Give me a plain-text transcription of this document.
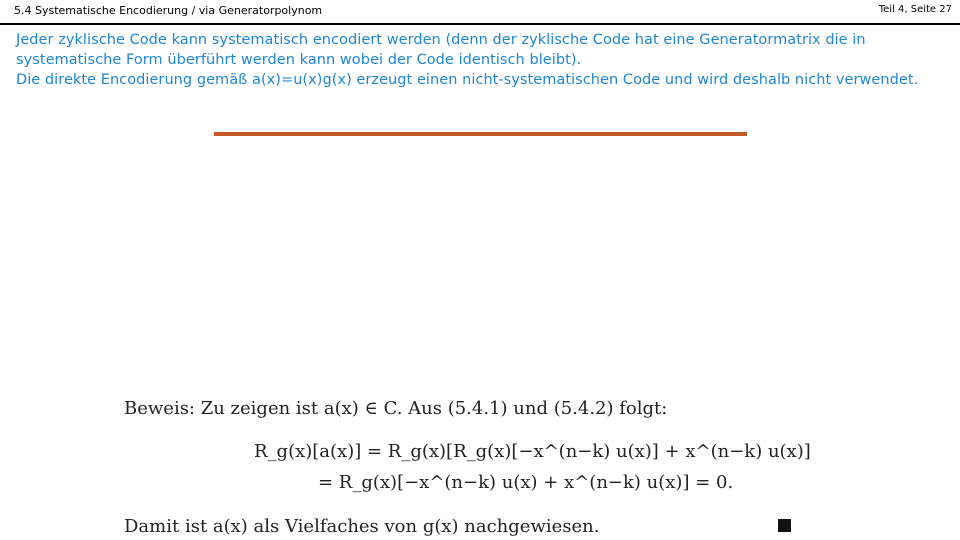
5.4 Systematische Encodierung / via Generatorpolynom	Teil 4, Seite 27

Jeder zyklische Code kann systematisch encodiert werden (denn der zyklische Code hat eine Generatormatrix die in

systematische Form überführt werden kann wobei der Code identisch bleibt).

Die direkte Encodierung gemäß a(x)=u(x)g(x) erzeugt einen nicht-systematischen Code und wird deshalb nicht verwendet.

Beweis: Zu zeigen ist a(x) ∈ C. Aus (5.4.1) und (5.4.2) folgt:
R_g(x)[a(x)] = R_g(x)[R_g(x)[−x^(n−k) u(x)] + x^(n−k) u(x)]
= R_g(x)[−x^(n−k) u(x) + x^(n−k) u(x)] = 0.
Damit ist a(x) als Vielfaches von g(x) nachgewiesen.
